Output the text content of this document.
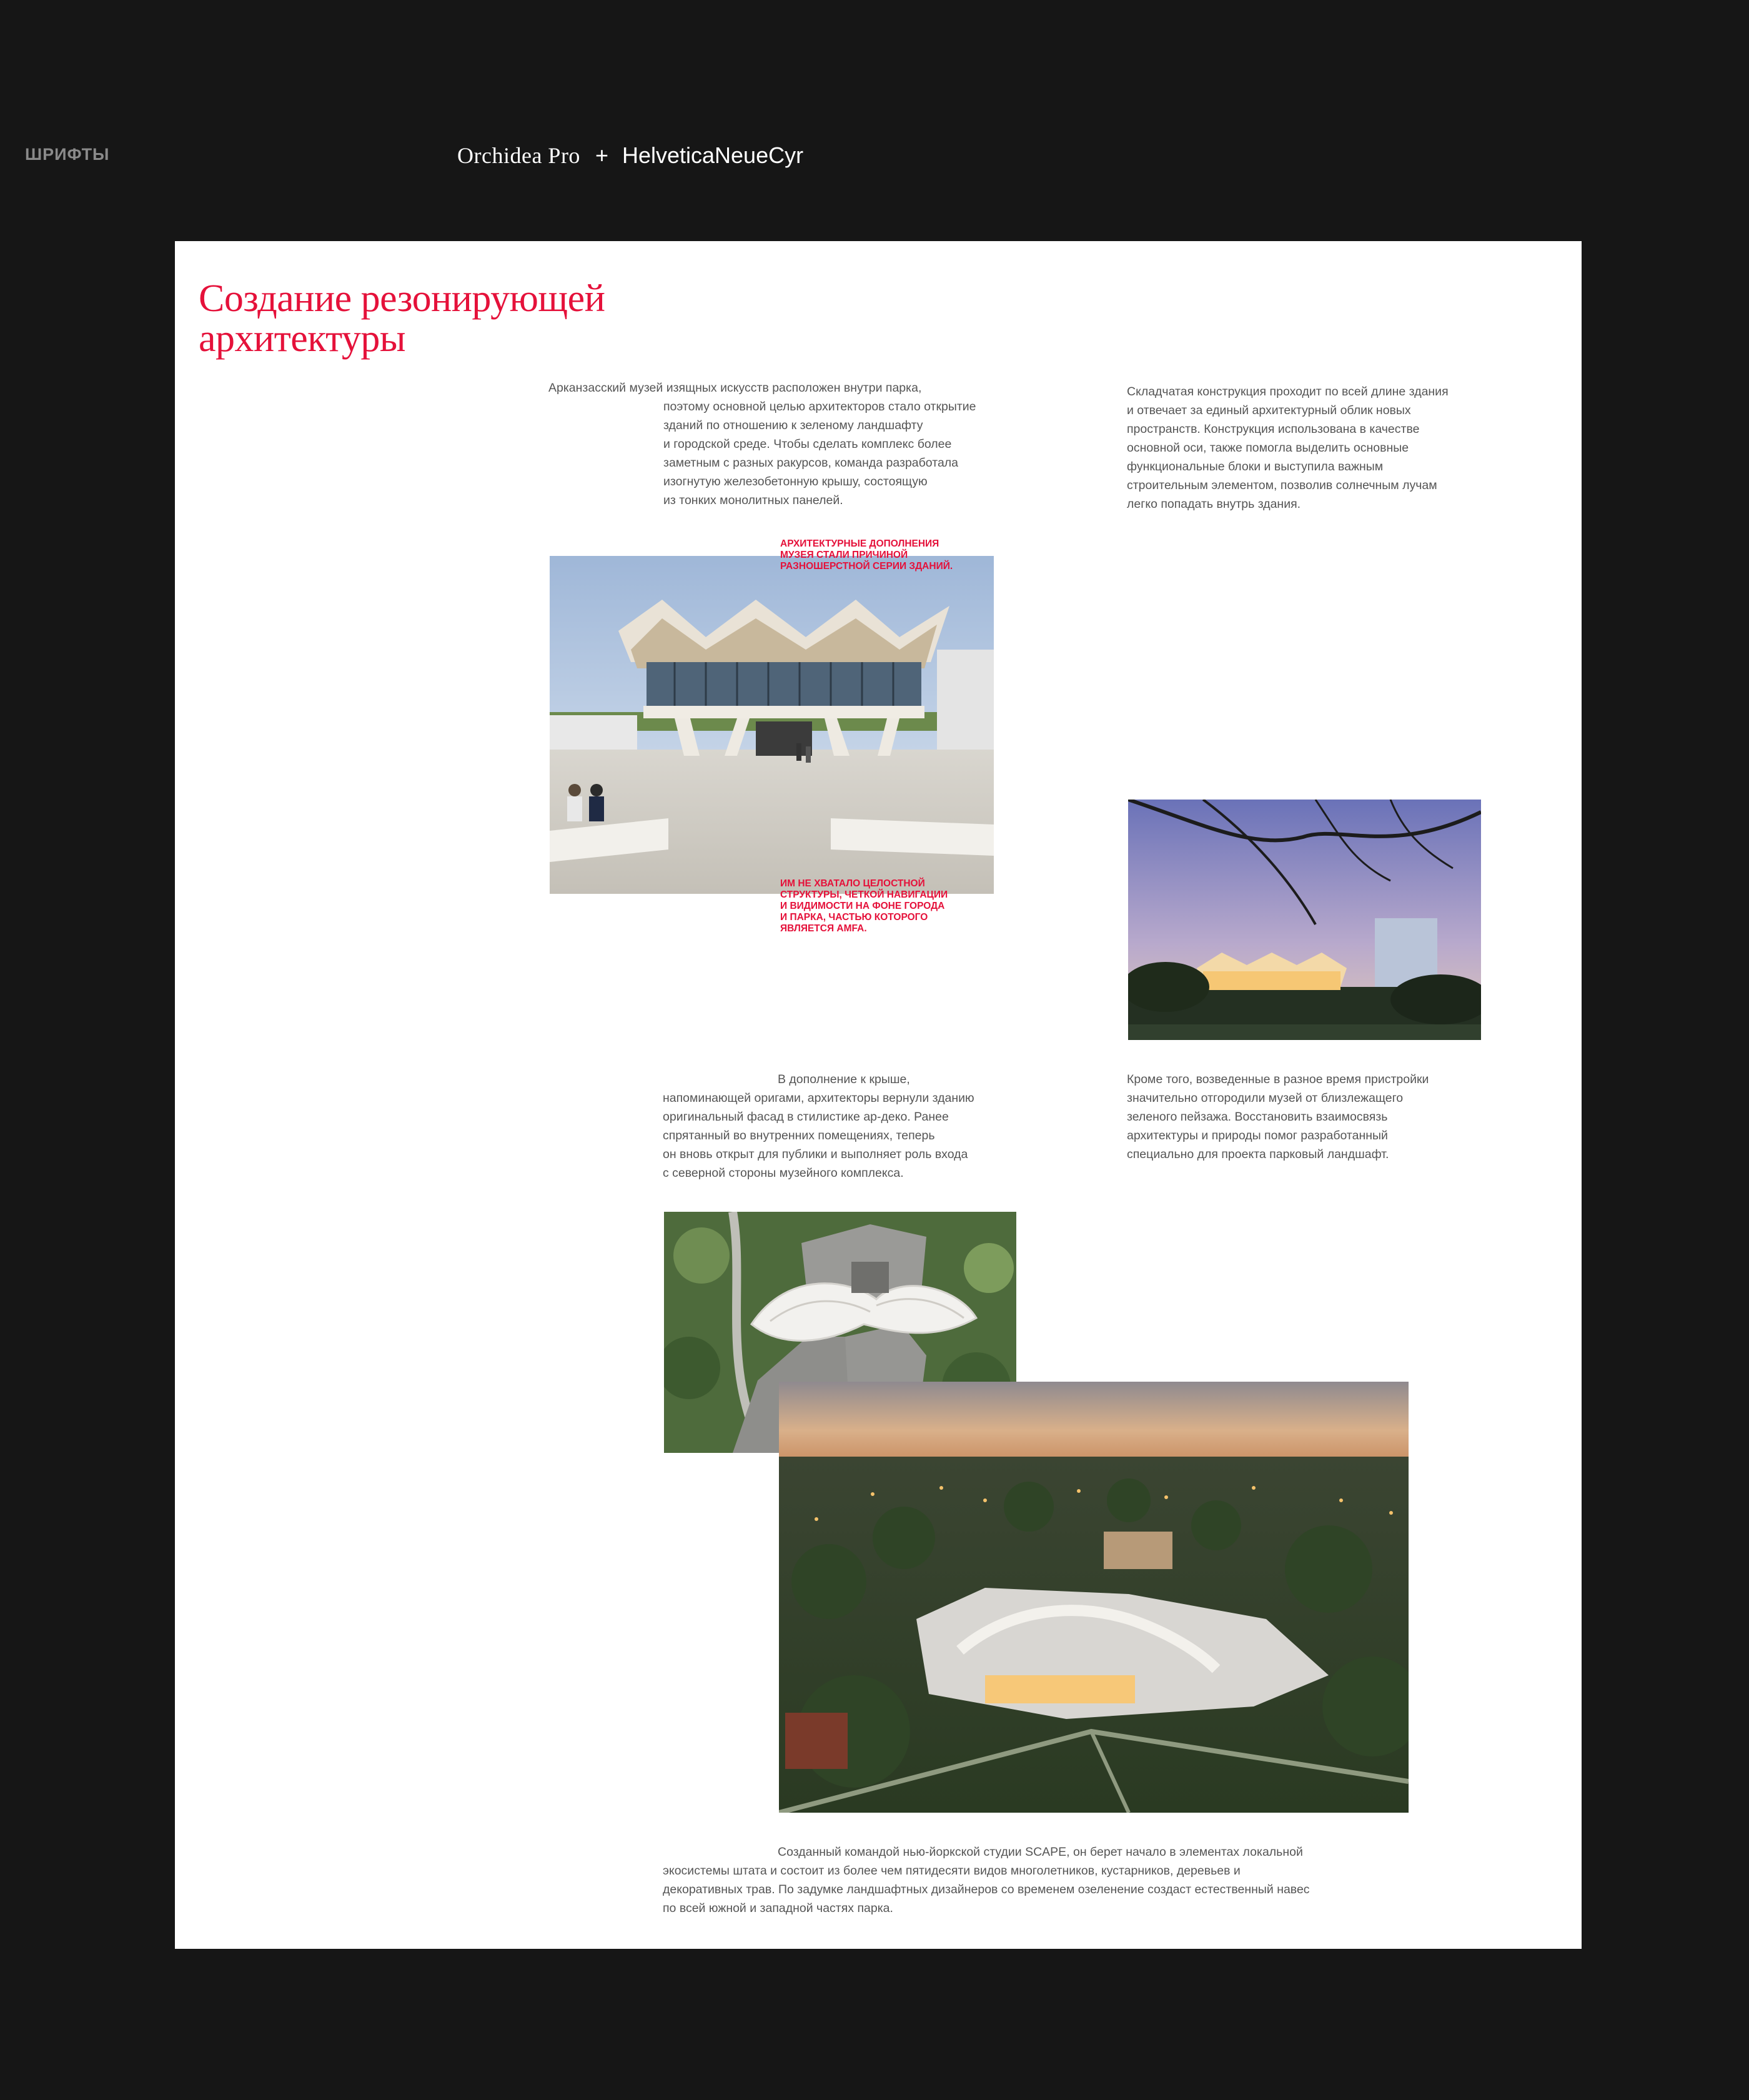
ШРИФТЫ	Orchidea Pro + HelveticaNeueCyr
Создание резонирующей
архитектуры
Арканзасский музей изящных искусств расположен внутри парка,
поэтому основной целью архитекторов стало открытие
зданий по отношению к зеленому ландшафту
и городской среде. Чтобы сделать комплекс более
заметным с разных ракурсов, команда разработала
изогнутую железобетонную крышу, состоящую
из тонких монолитных панелей.
Складчатая конструкция проходит по всей длине здания
и отвечает за единый архитектурный облик новых
пространств. Конструкция использована в качестве
основной оси, также помогла выделить основные
функциональные блоки и выступила важным
строительным элементом, позволив солнечным лучам
легко попадать внутрь здания.
АРХИТЕКТУРНЫЕ ДОПОЛНЕНИЯ
МУЗЕЯ СТАЛИ ПРИЧИНОЙ
РАЗНОШЕРСТНОЙ СЕРИИ ЗДАНИЙ.
ИМ НЕ ХВАТАЛО ЦЕЛОСТНОЙ
СТРУКТУРЫ, ЧЕТКОЙ НАВИГАЦИИ
И ВИДИМОСТИ НА ФОНЕ ГОРОДА
И ПАРКА, ЧАСТЬЮ КОТОРОГО
ЯВЛЯЕТСЯ AMFA.
В дополнение к крыше,
напоминающей оригами, архитекторы вернули зданию
оригинальный фасад в стилистике ар-деко. Ранее
спрятанный во внутренних помещениях, теперь
он вновь открыт для публики и выполняет роль входа
с северной стороны музейного комплекса.
Кроме того, возведенные в разное время пристройки
значительно отгородили музей от близлежащего
зеленого пейзажа. Восстановить взаимосвязь
архитектуры и природы помог разработанный
специально для проекта парковый ландшафт.
Созданный командой нью-йоркской студии SCAPE, он берет начало в элементах локальной
экосистемы штата и состоит из более чем пятидесяти видов многолетников, кустарников, деревьев и
декоративных трав. По задумке ландшафтных дизайнеров со временем озеленение создаст естественный навес
по всей южной и западной частях парка.
